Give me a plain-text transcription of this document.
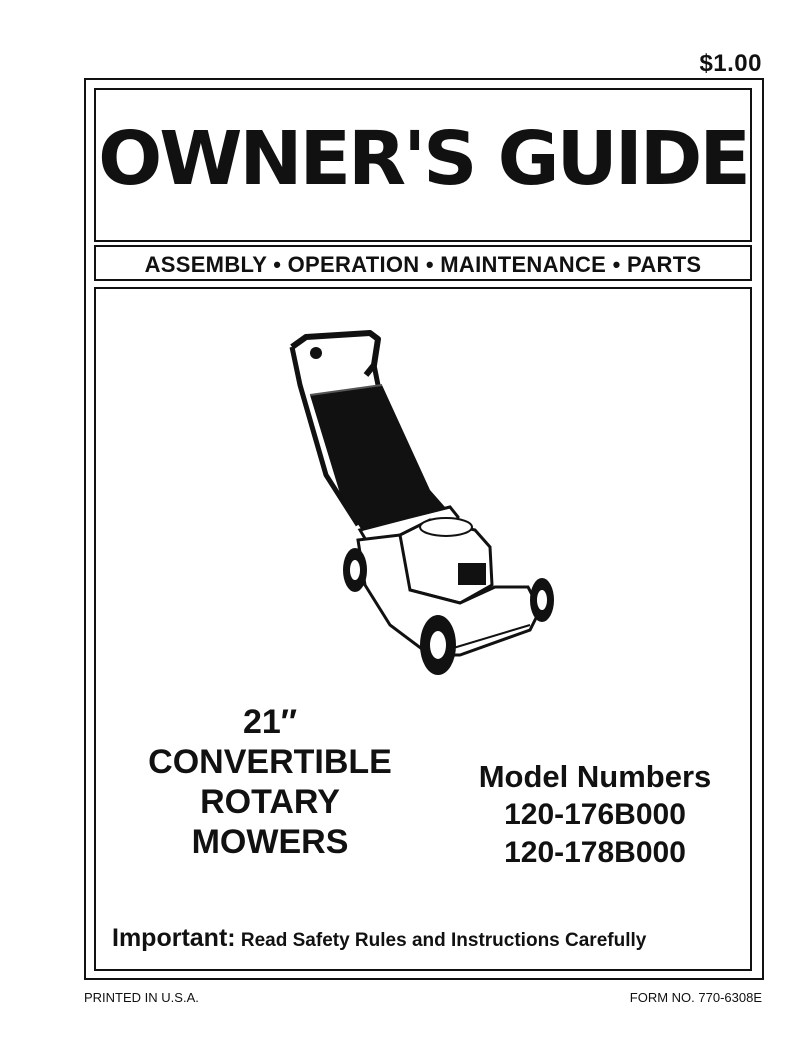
$1.00
OWNER'S GUIDE
ASSEMBLY • OPERATION • MAINTENANCE • PARTS
21″
CONVERTIBLE
ROTARY
MOWERS
Model Numbers
120-176B000
120-178B000
Important: Read Safety Rules and Instructions Carefully
PRINTED IN U.S.A.	FORM NO. 770-6308E
